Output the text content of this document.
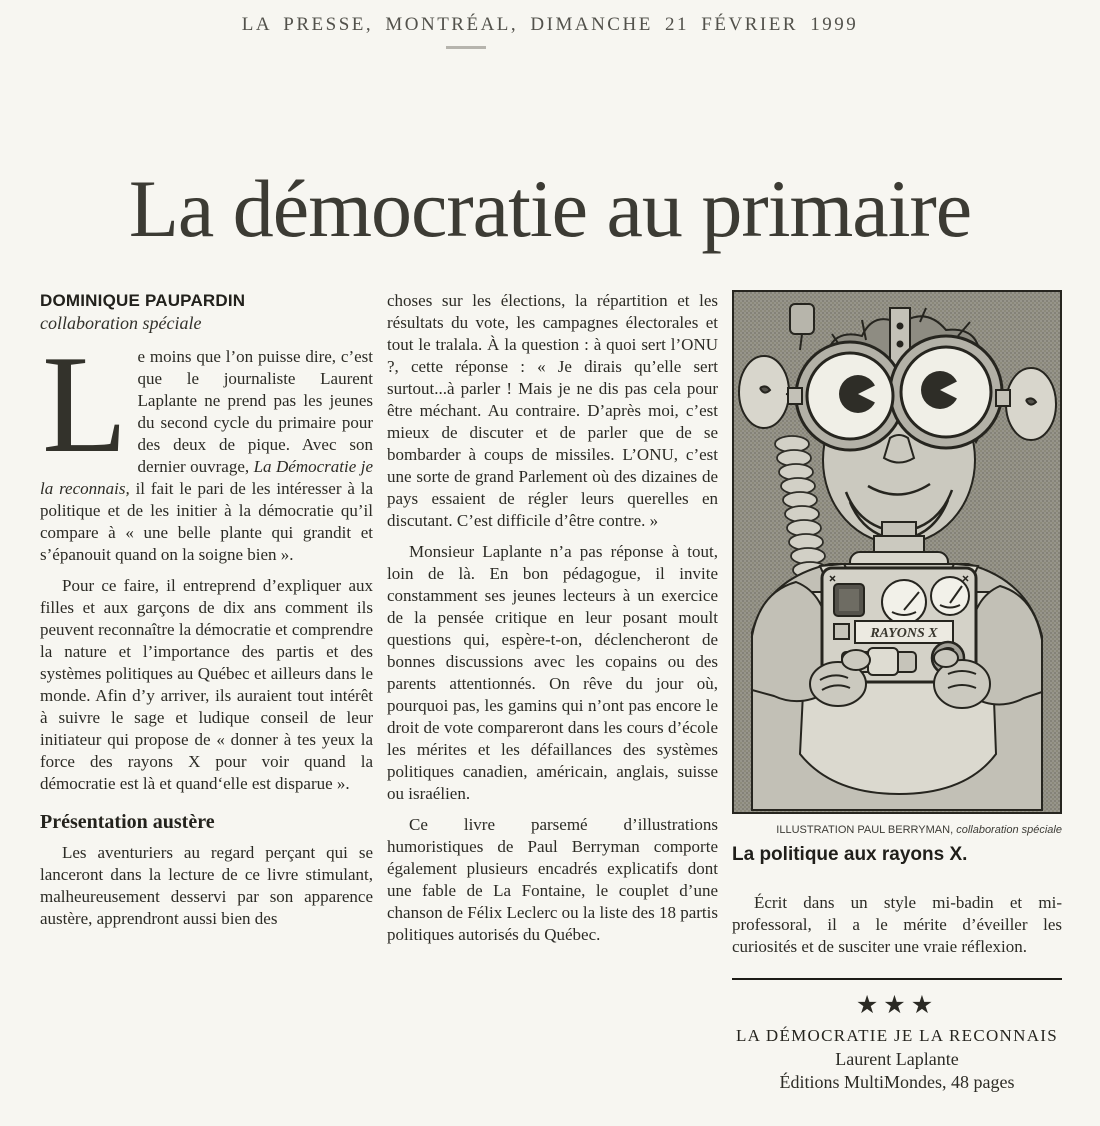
LA PRESSE, MONTRÉAL, DIMANCHE 21 FÉVRIER 1999
La démocratie au primaire
DOMINIQUE PAUPARDIN
collaboration spéciale

Le moins que l’on puisse dire, c’est que le journaliste Laurent Laplante ne prend pas les jeunes du second cycle du primaire pour des deux de pique. Avec son dernier ouvrage, La Démocratie je la reconnais, il fait le pari de les intéresser à la politique et de les initier à la démocratie qu’il compare à « une belle plante qui grandit et s’épanouit quand on la soigne bien ».

Pour ce faire, il entreprend d’expliquer aux filles et aux garçons de dix ans comment ils peuvent reconnaître la démocratie et comprendre la nature et l’importance des partis et des systèmes politiques au Québec et ailleurs dans le monde. Afin d’y arriver, ils auraient tout intérêt à suivre le sage et ludique conseil de leur initiateur qui propose de « donner à tes yeux la force des rayons X pour voir quand la démocratie est là et quand‘elle est disparue ».

Présentation austère

Les aventuriers au regard perçant qui se lanceront dans la lecture de ce livre stimulant, malheureusement desservi par son apparence austère, apprendront aussi bien des

choses sur les élections, la répartition et les résultats du vote, les campagnes électorales et tout le tralala. À la question : à quoi sert l’ONU ?, cette réponse : « Je dirais qu’elle sert surtout...à parler ! Mais je ne dis pas cela pour être méchant. Au contraire. D’après moi, c’est mieux de discuter et de parler que de se bombarder à coups de missiles. L’ONU, c’est une sorte de grand Parlement où des dizaines de pays essaient de régler leurs querelles en discutant. C’est difficile d’être contre. »

Monsieur Laplante n’a pas réponse à tout, loin de là. En bon pédagogue, il invite constamment ses jeunes lecteurs à un exercice de la pensée critique en leur posant moult questions qui, espère-t-on, déclencheront de bonnes discussions avec les copains ou des parents attentionnés. On rêve du jour où, pourquoi pas, les gamins qui n’ont pas encore le droit de vote compareront dans les cours d’école les mérites et les défaillances des systèmes politiques canadien, américain, anglais, suisse ou israélien.

Ce livre parsemé d’illustrations humoristiques de Paul Berryman comporte également plusieurs encadrés explicatifs dont une fable de La Fontaine, le couplet d’une chanson de Félix Leclerc ou la liste des 18 partis politiques autorisés du Québec.

RAYONS X
ILLUSTRATION PAUL BERRYMAN, collaboration spéciale
La politique aux rayons X.

Écrit dans un style mi-badin et mi-professoral, il a le mérite d’éveiller les curiosités et de susciter une vraie réflexion.

★★★
LA DÉMOCRATIE JE LA RECONNAIS
Laurent Laplante
Éditions MultiMondes, 48 pages
